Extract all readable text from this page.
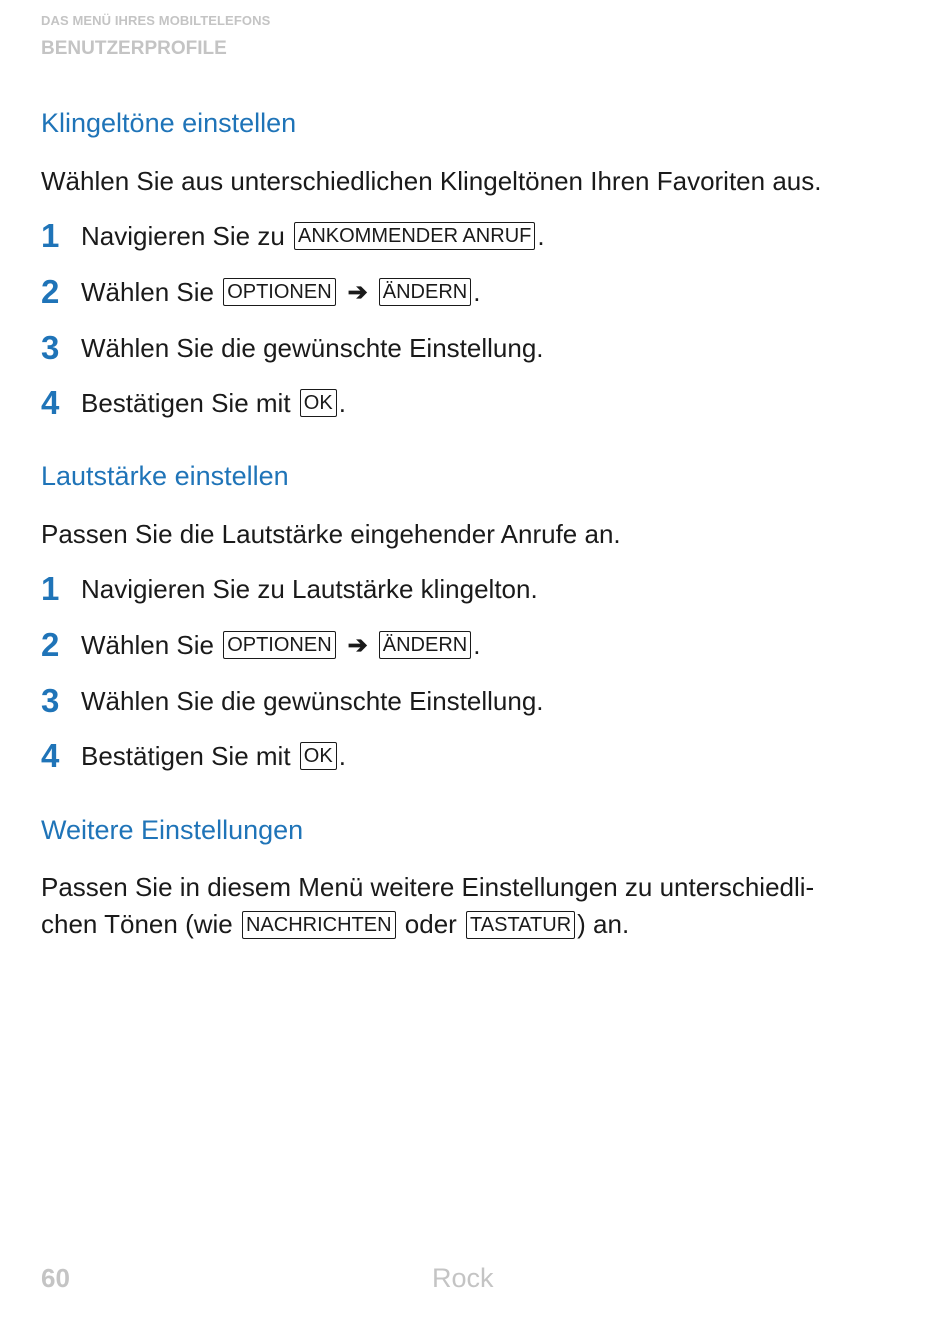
DAS MENÜ IHRES MOBILTELEFONS
BENUTZERPROFILE
Klingeltöne einstellen
Wählen Sie aus unterschiedlichen Klingeltönen Ihren Favoriten aus.
1 Navigieren Sie zu ANKOMMENDER ANRUF .
2 Wählen Sie OPTIONEN ➔ ÄNDERN .
3 Wählen Sie die gewünschte Einstellung.
4 Bestätigen Sie mit OK .
Lautstärke einstellen
Passen Sie die Lautstärke eingehender Anrufe an.
1 Navigieren Sie zu Lautstärke klingelton.
2 Wählen Sie OPTIONEN ➔ ÄNDERN .
3 Wählen Sie die gewünschte Einstellung.
4 Bestätigen Sie mit OK .
Weitere Einstellungen
Passen Sie in diesem Menü weitere Einstellungen zu unterschiedli-
chen Tönen (wie NACHRICHTEN oder TASTATUR ) an.
60	Rock
